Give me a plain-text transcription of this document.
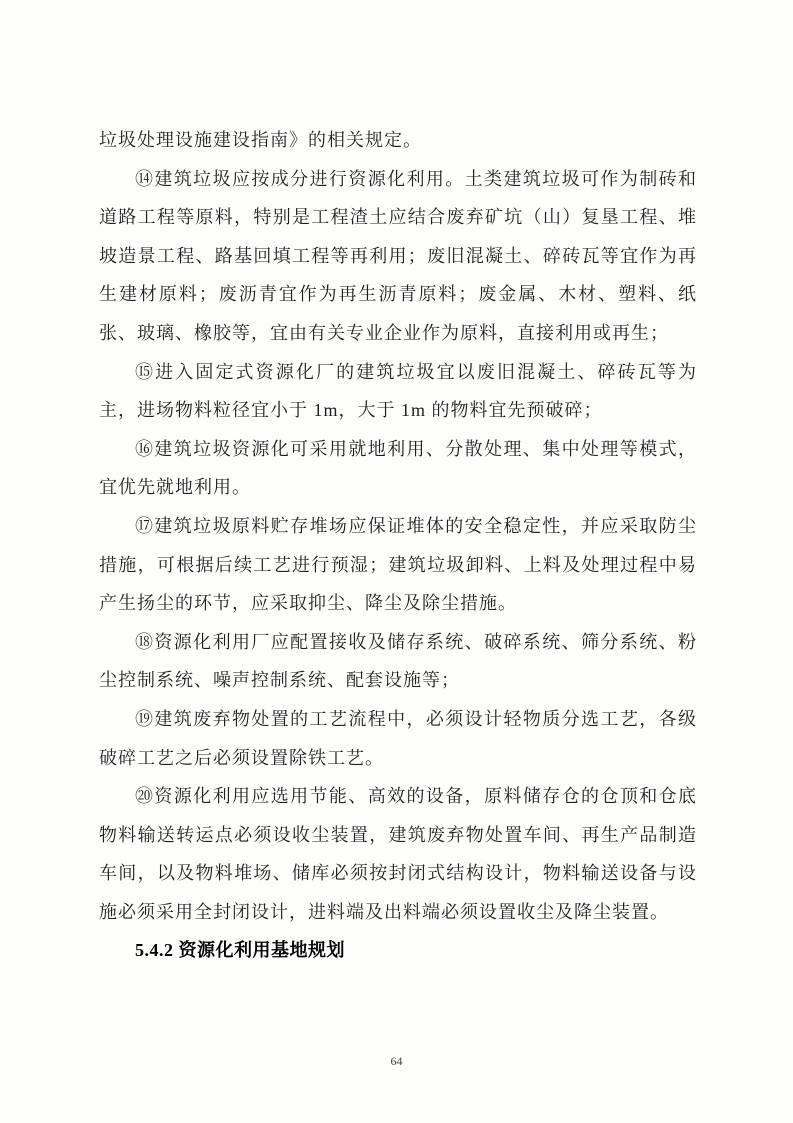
垃圾处理设施建设指南》的相关规定。

⑭建筑垃圾应按成分进行资源化利用。土类建筑垃圾可作为制砖和道路工程等原料，特别是工程渣土应结合废弃矿坑（山）复垦工程、堆坡造景工程、路基回填工程等再利用；废旧混凝土、碎砖瓦等宜作为再生建材原料；废沥青宜作为再生沥青原料；废金属、木材、塑料、纸张、玻璃、橡胶等，宜由有关专业企业作为原料，直接利用或再生；

⑮进入固定式资源化厂的建筑垃圾宜以废旧混凝土、碎砖瓦等为主，进场物料粒径宜小于 1m，大于 1m 的物料宜先预破碎；

⑯建筑垃圾资源化可采用就地利用、分散处理、集中处理等模式，宜优先就地利用。

⑰建筑垃圾原料贮存堆场应保证堆体的安全稳定性，并应采取防尘措施，可根据后续工艺进行预湿；建筑垃圾卸料、上料及处理过程中易产生扬尘的环节，应采取抑尘、降尘及除尘措施。

⑱资源化利用厂应配置接收及储存系统、破碎系统、筛分系统、粉尘控制系统、噪声控制系统、配套设施等；

⑲建筑废弃物处置的工艺流程中，必须设计轻物质分选工艺，各级破碎工艺之后必须设置除铁工艺。

⑳资源化利用应选用节能、高效的设备，原料储存仓的仓顶和仓底物料输送转运点必须设收尘装置，建筑废弃物处置车间、再生产品制造车间，以及物料堆场、储库必须按封闭式结构设计，物料输送设备与设施必须采用全封闭设计，进料端及出料端必须设置收尘及降尘装置。

5.4.2 资源化利用基地规划

64
